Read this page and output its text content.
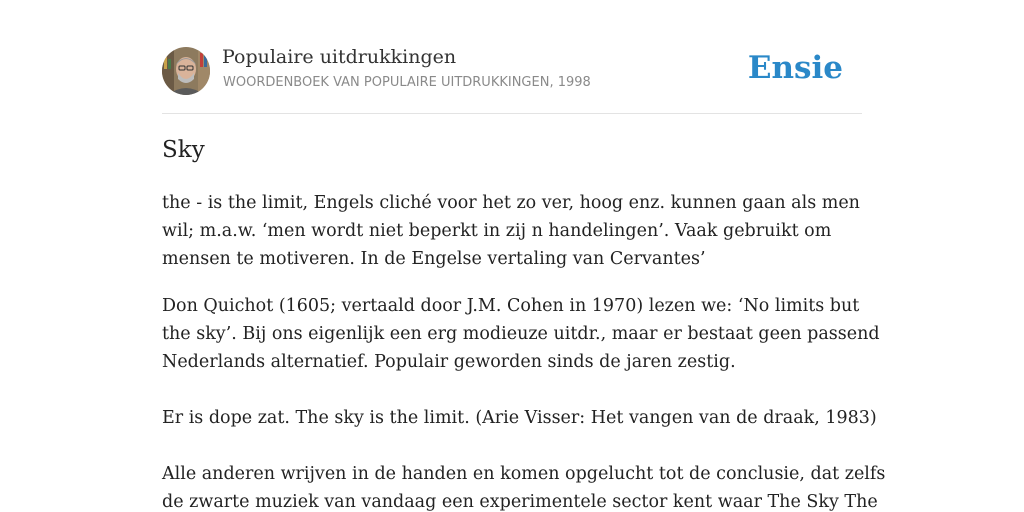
Populaire uitdrukkingen
WOORDENBOEK VAN POPULAIRE UITDRUKKINGEN, 1998	Ensie
Sky
the - is the limit, Engels cliché voor het zo ver, hoog enz. kunnen gaan als men
wil; m.a.w. ‘men wordt niet beperkt in zij n handelingen’. Vaak gebruikt om
mensen te motiveren. In de Engelse vertaling van Cervantes’
Don Quichot (1605; vertaald door J.M. Cohen in 1970) lezen we: ‘No limits but
the sky’. Bij ons eigenlijk een erg modieuze uitdr., maar er bestaat geen passend
Nederlands alternatief. Populair geworden sinds de jaren zestig.
Er is dope zat. The sky is the limit. (Arie Visser: Het vangen van de draak, 1983)
Alle anderen wrijven in de handen en komen opgelucht tot de conclusie, dat zelfs
de zwarte muziek van vandaag een experimentele sector kent waar The Sky The
